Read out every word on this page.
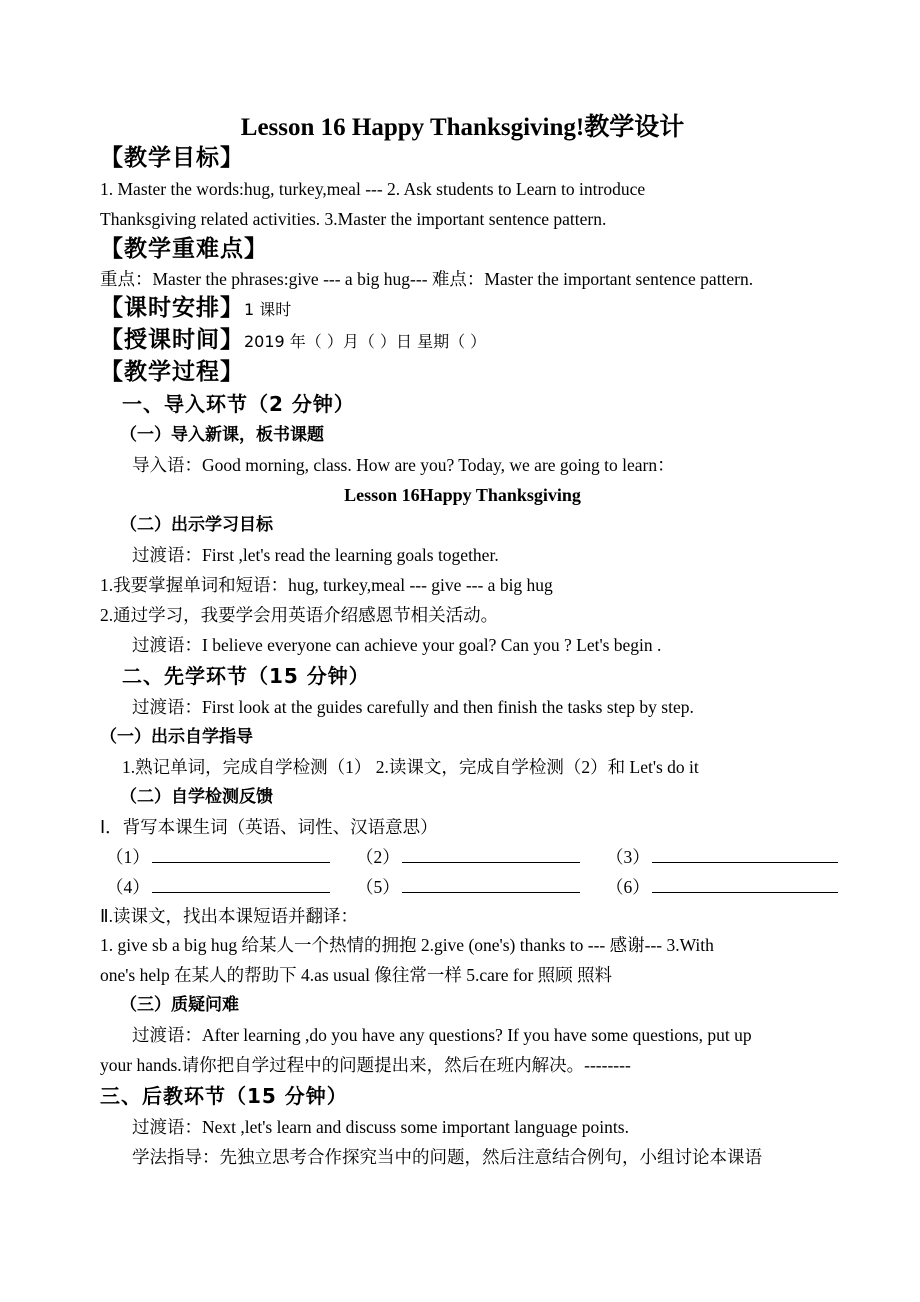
Lesson 16 Happy Thanksgiving!教学设计
【教学目标】
1. Master the words:hug, turkey,meal --- 2. Ask students to Learn to introduce
Thanksgiving related activities. 3.Master the important sentence pattern.
【教学重难点】
重点：Master the phrases:give --- a big hug--- 难点：Master the important sentence pattern.
【课时安排】1 课时
【授课时间】2019 年（ ）月（ ）日 星期（ ）
【教学过程】
一、导入环节（2 分钟）
（一）导入新课，板书课题
导入语：Good morning, class. How are you? Today, we are going to learn：
Lesson 16Happy Thanksgiving
（二）出示学习目标
过渡语：First ,let's read the learning goals together.
1.我要掌握单词和短语：hug, turkey,meal --- give --- a big hug
2.通过学习，我要学会用英语介绍感恩节相关活动。
过渡语：I believe everyone can achieve your goal? Can you ? Let's begin .
二、先学环节（15 分钟）
过渡语：First look at the guides carefully and then finish the tasks step by step.
（一）出示自学指导
1.熟记单词，完成自学检测（1） 2.读课文，完成自学检测（2）和 Let's do it
（二）自学检测反馈
Ⅰ．背写本课生词（英语、词性、汉语意思）
（1）	（2）	（3）
（4）	（5）	（6）
Ⅱ.读课文，找出本课短语并翻译：
1. give sb a big hug 给某人一个热情的拥抱 2.give (one's) thanks to --- 感谢--- 3.With
one's help 在某人的帮助下 4.as usual 像往常一样 5.care for 照顾 照料
（三）质疑问难
过渡语：After learning ,do you have any questions? If you have some questions, put up
your hands.请你把自学过程中的问题提出来，然后在班内解决。--------
三、后教环节（15 分钟）
过渡语：Next ,let's learn and discuss some important language points.
学法指导：先独立思考合作探究当中的问题，然后注意结合例句，小组讨论本课语
